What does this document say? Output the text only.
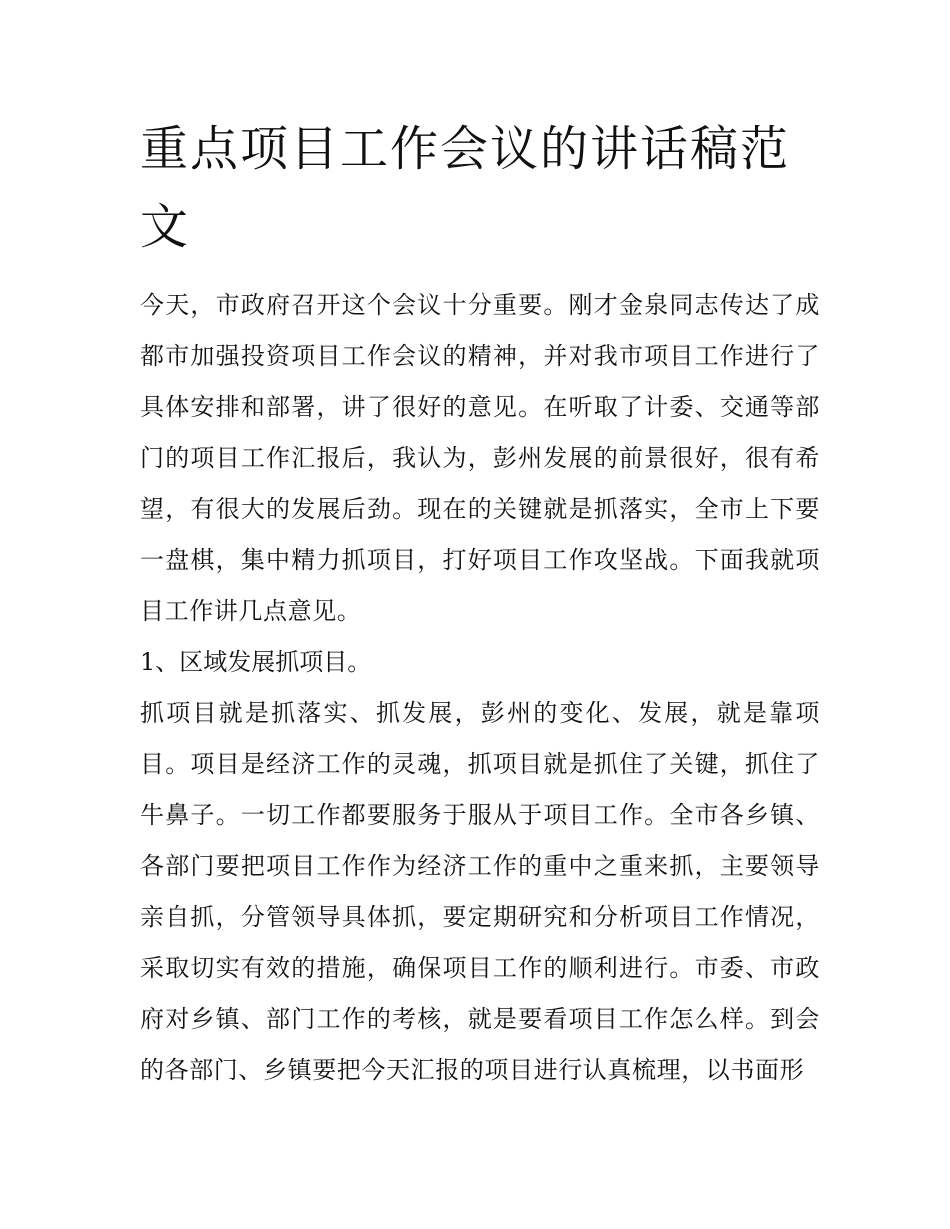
重点项目工作会议的讲话稿范文

今天，市政府召开这个会议十分重要。刚才金泉同志传达了成都市加强投资项目工作会议的精神，并对我市项目工作进行了具体安排和部署，讲了很好的意见。在听取了计委、交通等部门的项目工作汇报后，我认为，彭州发展的前景很好，很有希望，有很大的发展后劲。现在的关键就是抓落实，全市上下要一盘棋，集中精力抓项目，打好项目工作攻坚战。下面我就项目工作讲几点意见。

1、区域发展抓项目。

抓项目就是抓落实、抓发展，彭州的变化、发展，就是靠项目。项目是经济工作的灵魂，抓项目就是抓住了关键，抓住了牛鼻子。一切工作都要服务于服从于项目工作。全市各乡镇、各部门要把项目工作作为经济工作的重中之重来抓，主要领导亲自抓，分管领导具体抓，要定期研究和分析项目工作情况，采取切实有效的措施，确保项目工作的顺利进行。市委、市政府对乡镇、部门工作的考核，就是要看项目工作怎么样。到会的各部门、乡镇要把今天汇报的项目进行认真梳理，以书面形
